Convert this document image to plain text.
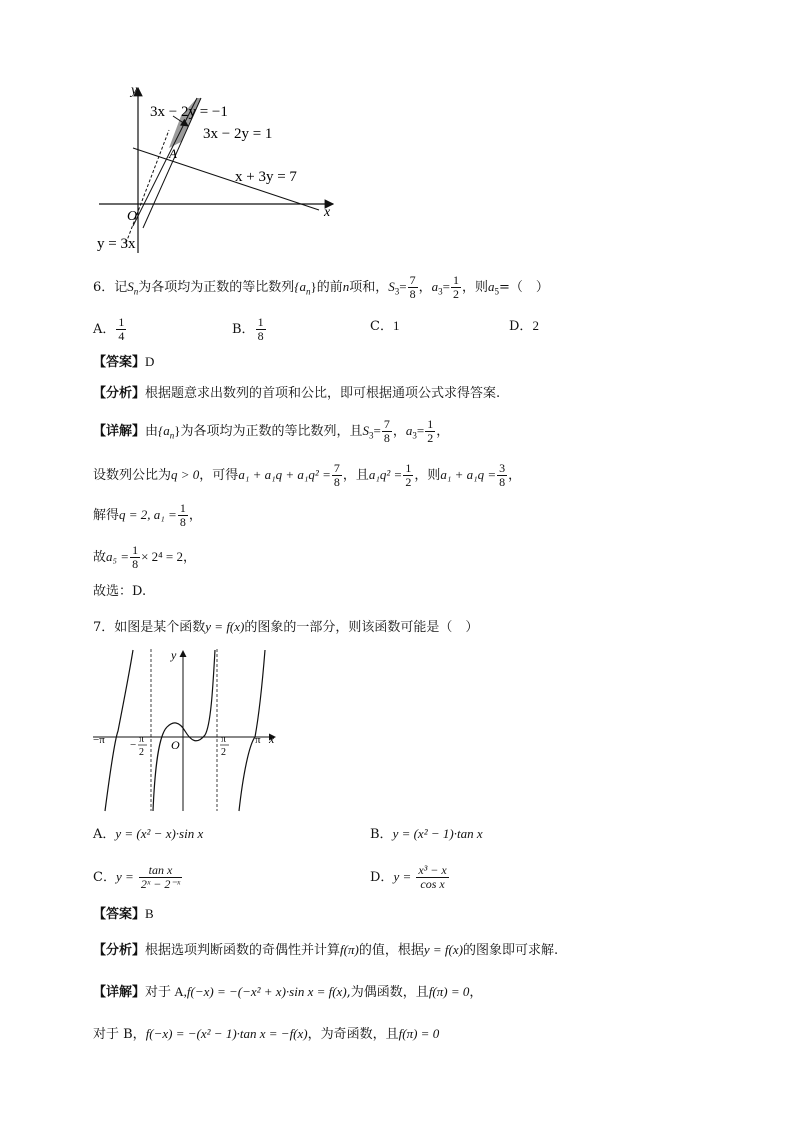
y
x
O
A
3x − 2y = −1
3x − 2y = 1
x + 3y = 7
y = 3x
6．记$S_n$为各项均为正数的等比数列$\{a_n\}$的前n项和，$S_3= \frac{7}{8}$ ，$a_3= \frac{1}{2}$ ，则$a_5=$（　）
A． $\frac{1}{4}$	B． $\frac{1}{8}$	C．1	D．2
【答案】D
【分析】根据题意求出数列的首项和公比，即可根据通项公式求得答案.
【详解】由$\{a_n\}$为各项均为正数的等比数列，且$S_3= \frac{7}{8}$ ，$a_3= \frac{1}{2}$ ，
设数列公比为q > 0，可得$a_1 + a_1q + a_1q^2 = \frac{7}{8}$ ，且$a_1q^2 = \frac{1}{2}$ ，则$a_1 + a_1q = \frac{3}{8}$ ，
解得q = 2, $a_1 = \frac{1}{8}$ ，
故$a_5 = \frac{1}{8} \times 2^4 = 2$，
故选：D.
7．如图是某个函数y = f(x)的图象的一部分，则该函数可能是（　）
y
x
O
−π	π
− π
2
π
2
A．y = (x² − x)·sin x	B．y = (x² − 1)·tan x
C．$y = \frac{\text{tan x}}{\text{2ˣ − 2⁻ˣ}}$	D．$y = \frac{\text{x³ − x}}{\text{cos x}}$
【答案】B
【分析】根据选项判断函数的奇偶性并计算f(π)的值，根据y = f(x)的图象即可求解.
【详解】对于 A,f(−x) = −(−x² + x)·sin x = f(x),为偶函数，且f(π) = 0，
对于 B，f(−x) = −(x² − 1)·tan x = −f(x)，为奇函数，且f(π) = 0
